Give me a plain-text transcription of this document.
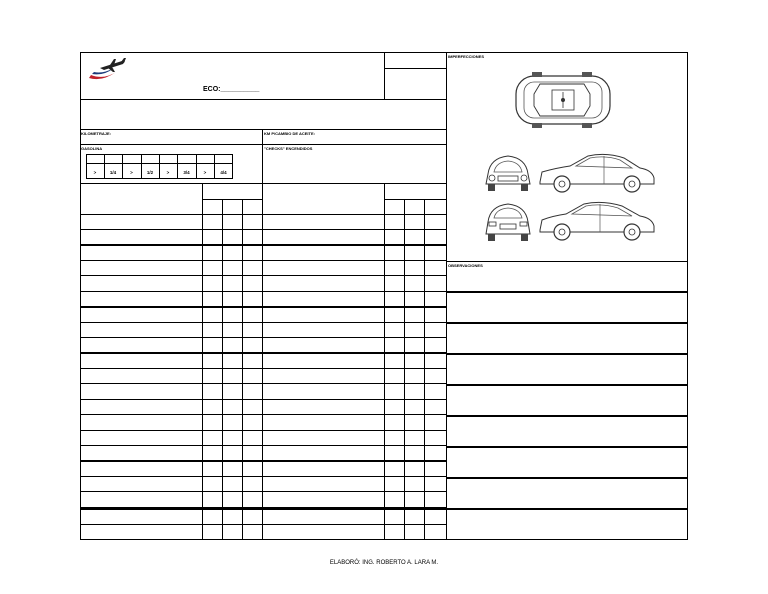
ECO:__________
KILOMETRAJE:	KM P/CAMBIO DE ACEITE:
GASOLINA	"CHECKS" ENCENDIDOS
>	1/4	>	1/2	>	3/4	>	4/4
IMPERFECCIONES
OBSERVACIONES
ELABORÓ: ING. ROBERTO A. LARA M.
